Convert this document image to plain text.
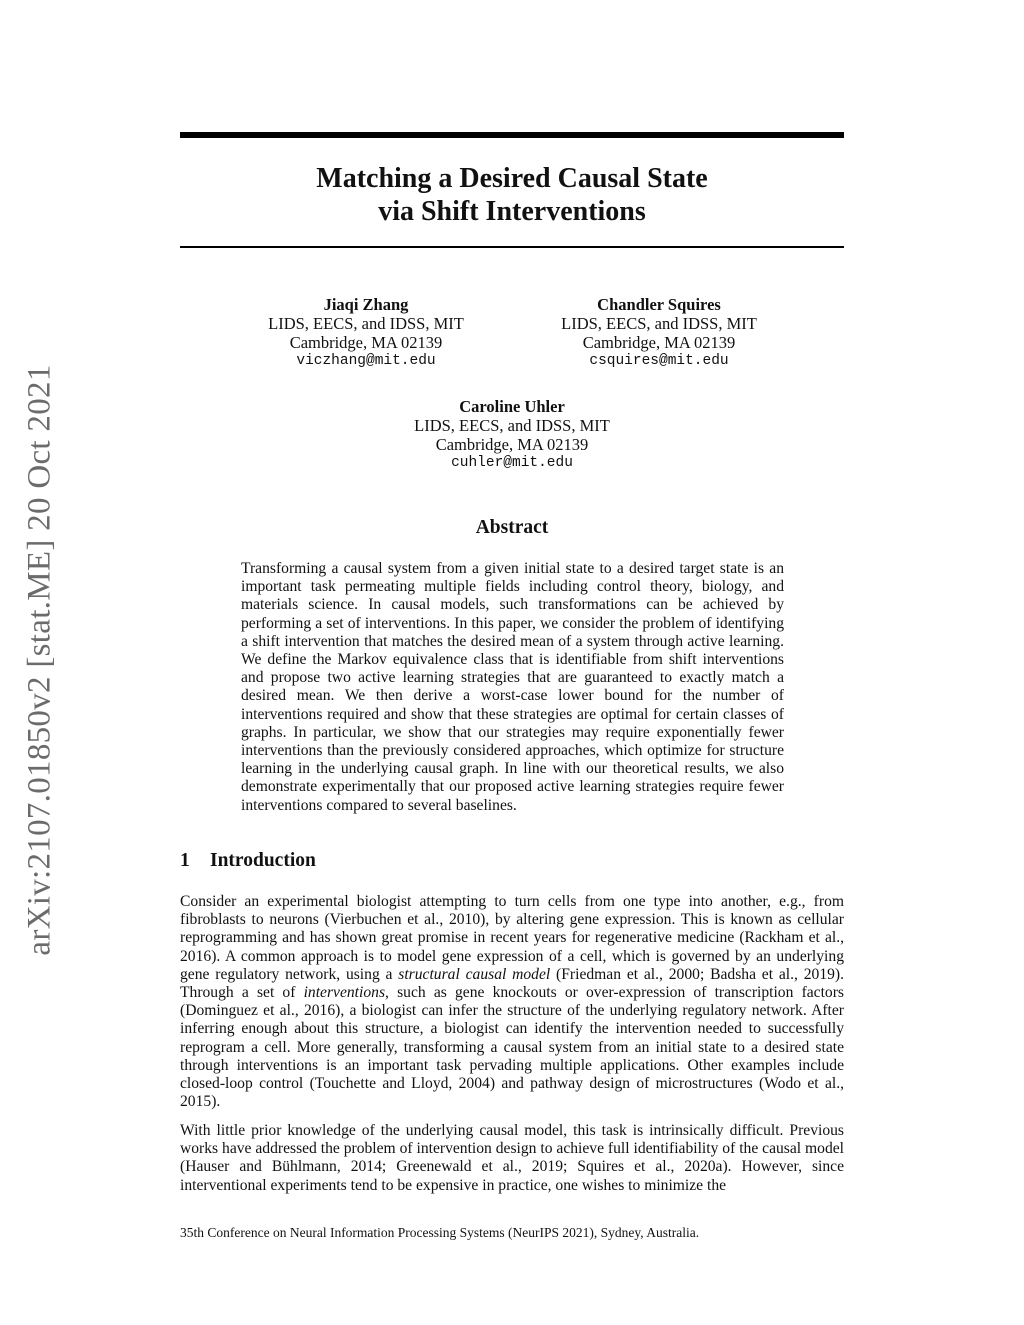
arXiv:2107.01850v2 [stat.ME] 20 Oct 2021
Matching a Desired Causal State
via Shift Interventions
Jiaqi Zhang
LIDS, EECS, and IDSS, MIT
Cambridge, MA 02139
viczhang@mit.edu
Chandler Squires
LIDS, EECS, and IDSS, MIT
Cambridge, MA 02139
csquires@mit.edu
Caroline Uhler
LIDS, EECS, and IDSS, MIT
Cambridge, MA 02139
cuhler@mit.edu
Abstract
Transforming a causal system from a given initial state to a desired target state is an important task permeating multiple fields including control theory, biology, and materials science. In causal models, such transformations can be achieved by performing a set of interventions. In this paper, we consider the problem of identifying a shift intervention that matches the desired mean of a system through active learning. We define the Markov equivalence class that is identifiable from shift interventions and propose two active learning strategies that are guaranteed to exactly match a desired mean. We then derive a worst-case lower bound for the number of interventions required and show that these strategies are optimal for certain classes of graphs. In particular, we show that our strategies may require exponentially fewer interventions than the previously considered approaches, which optimize for structure learning in the underlying causal graph. In line with our theoretical results, we also demonstrate experimentally that our proposed active learning strategies require fewer interventions compared to several baselines.
1 Introduction

Consider an experimental biologist attempting to turn cells from one type into another, e.g., from fibroblasts to neurons (Vierbuchen et al., 2010), by altering gene expression. This is known as cellular reprogramming and has shown great promise in recent years for regenerative medicine (Rackham et al., 2016). A common approach is to model gene expression of a cell, which is governed by an underlying gene regulatory network, using a structural causal model (Friedman et al., 2000; Badsha et al., 2019). Through a set of interventions, such as gene knockouts or over-expression of transcription factors (Dominguez et al., 2016), a biologist can infer the structure of the underlying regulatory network. After inferring enough about this structure, a biologist can identify the intervention needed to successfully reprogram a cell. More generally, transforming a causal system from an initial state to a desired state through interventions is an important task pervading multiple applications. Other examples include closed-loop control (Touchette and Lloyd, 2004) and pathway design of microstructures (Wodo et al., 2015).

With little prior knowledge of the underlying causal model, this task is intrinsically difficult. Previous works have addressed the problem of intervention design to achieve full identifiability of the causal model (Hauser and Bühlmann, 2014; Greenewald et al., 2019; Squires et al., 2020a). However, since interventional experiments tend to be expensive in practice, one wishes to minimize the

35th Conference on Neural Information Processing Systems (NeurIPS 2021), Sydney, Australia.
